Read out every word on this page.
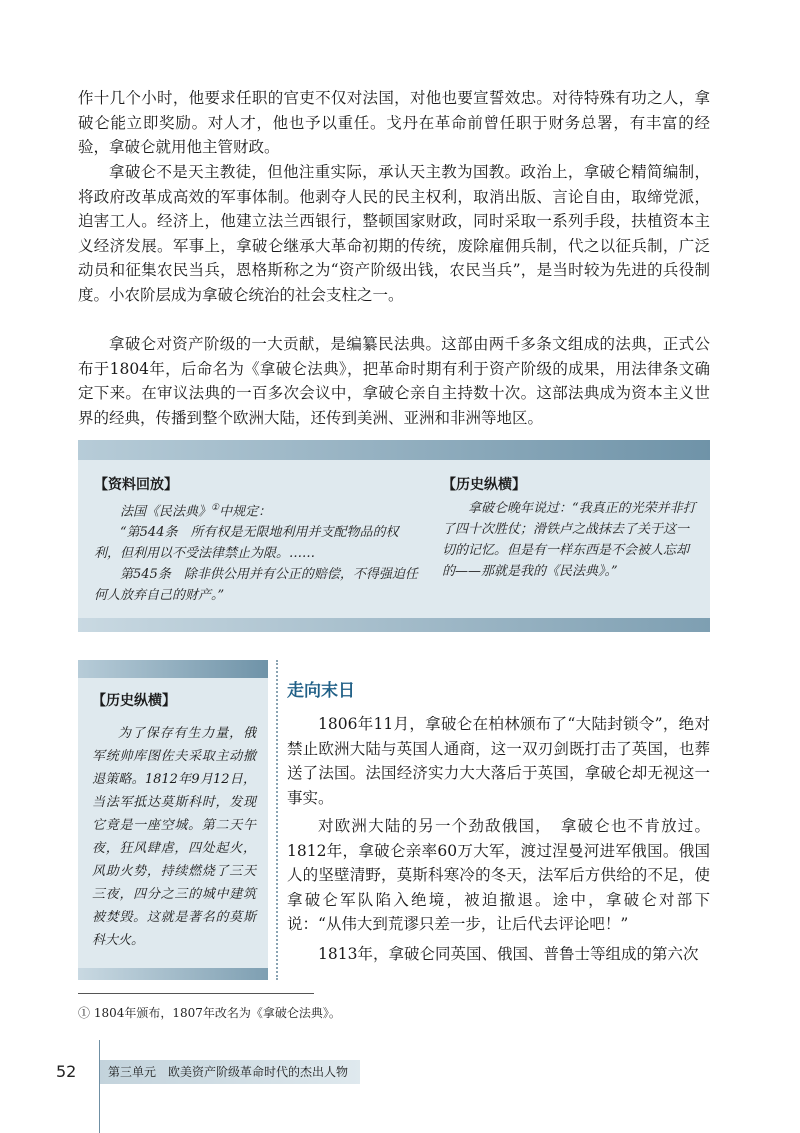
作十几个小时，他要求任职的官吏不仅对法国，对他也要宣誓效忠。对待特殊有功之人，拿破仑能立即奖励。对人才，他也予以重任。戈丹在革命前曾任职于财务总署，有丰富的经验，拿破仑就用他主管财政。

拿破仑不是天主教徒，但他注重实际，承认天主教为国教。政治上，拿破仑精简编制，将政府改革成高效的军事体制。他剥夺人民的民主权利，取消出版、言论自由，取缔党派，迫害工人。经济上，他建立法兰西银行，整顿国家财政，同时采取一系列手段，扶植资本主义经济发展。军事上，拿破仑继承大革命初期的传统，废除雇佣兵制，代之以征兵制，广泛动员和征集农民当兵，恩格斯称之为“资产阶级出钱，农民当兵”，是当时较为先进的兵役制度。小农阶层成为拿破仑统治的社会支柱之一。

拿破仑对资产阶级的一大贡献，是编纂民法典。这部由两千多条文组成的法典，正式公布于1804年，后命名为《拿破仑法典》，把革命时期有利于资产阶级的成果，用法律条文确定下来。在审议法典的一百多次会议中，拿破仑亲自主持数十次。这部法典成为资本主义世界的经典，传播到整个欧洲大陆，还传到美洲、亚洲和非洲等地区。

【资料回放】

法国《民法典》①中规定：

“第544条　所有权是无限地利用并支配物品的权利，但利用以不受法律禁止为限。……

第545条　除非供公用并有公正的赔偿，不得强迫任何人放弃自己的财产。”

【历史纵横】

拿破仑晚年说过：“我真正的光荣并非打了四十次胜仗；滑铁卢之战抹去了关于这一切的记忆。但是有一样东西是不会被人忘却的——那就是我的《民法典》。”

【历史纵横】

为了保存有生力量，俄军统帅库图佐夫采取主动撤退策略。1812年9月12日，当法军抵达莫斯科时，发现它竟是一座空城。第二天午夜，狂风肆虐，四处起火，风助火势，持续燃烧了三天三夜，四分之三的城中建筑被焚毁。这就是著名的莫斯科大火。

走向末日

1806年11月，拿破仑在柏林颁布了“大陆封锁令”，绝对禁止欧洲大陆与英国人通商，这一双刃剑既打击了英国，也葬送了法国。法国经济实力大大落后于英国，拿破仑却无视这一事实。

对欧洲大陆的另一个劲敌俄国，　拿破仑也不肯放过。1812年，拿破仑亲率60万大军，渡过涅曼河进军俄国。俄国人的坚壁清野，莫斯科寒冷的冬天，法军后方供给的不足，使拿破仑军队陷入绝境，被迫撤退。途中，拿破仑对部下说：“从伟大到荒谬只差一步，让后代去评论吧！”

1813年，拿破仑同英国、俄国、普鲁士等组成的第六次

① 1804年颁布，1807年改名为《拿破仑法典》。

52	第三单元　欧美资产阶级革命时代的杰出人物
